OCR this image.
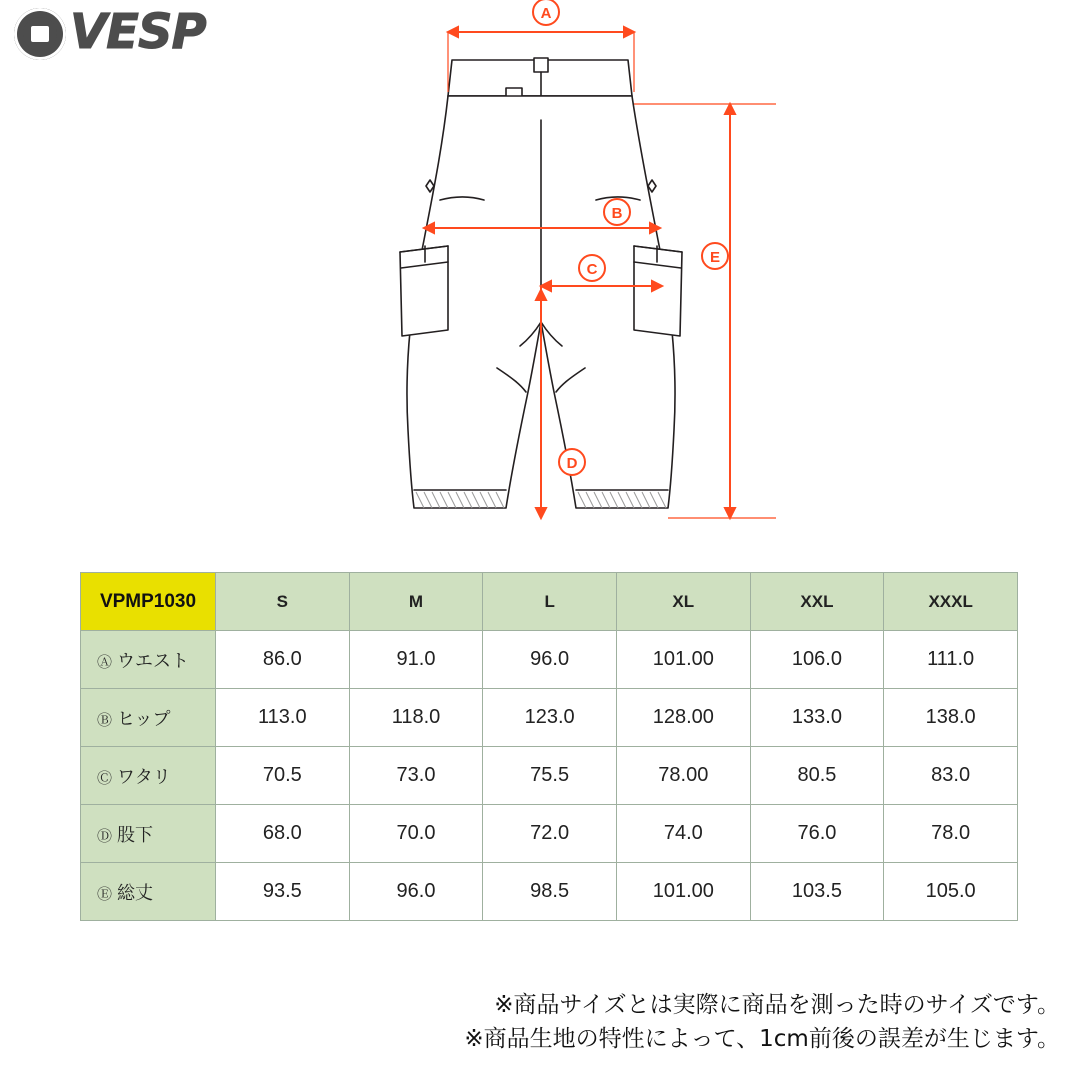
VESP	A
B
C
D
E
VPMP1030	S	M	L	XL	XXL	XXXL
Ⓐ ウエスト	86.0	91.0	96.0	101.00	106.0	111.0
Ⓑ ヒップ	113.0	118.0	123.0	128.00	133.0	138.0
Ⓒ ワタリ	70.5	73.0	75.5	78.00	80.5	83.0
Ⓓ 股下	68.0	70.0	72.0	74.0	76.0	78.0
Ⓔ 総丈	93.5	96.0	98.5	101.00	103.5	105.0
※商品サイズとは実際に商品を測った時のサイズです。
※商品生地の特性によって、1cm前後の誤差が生じます。
